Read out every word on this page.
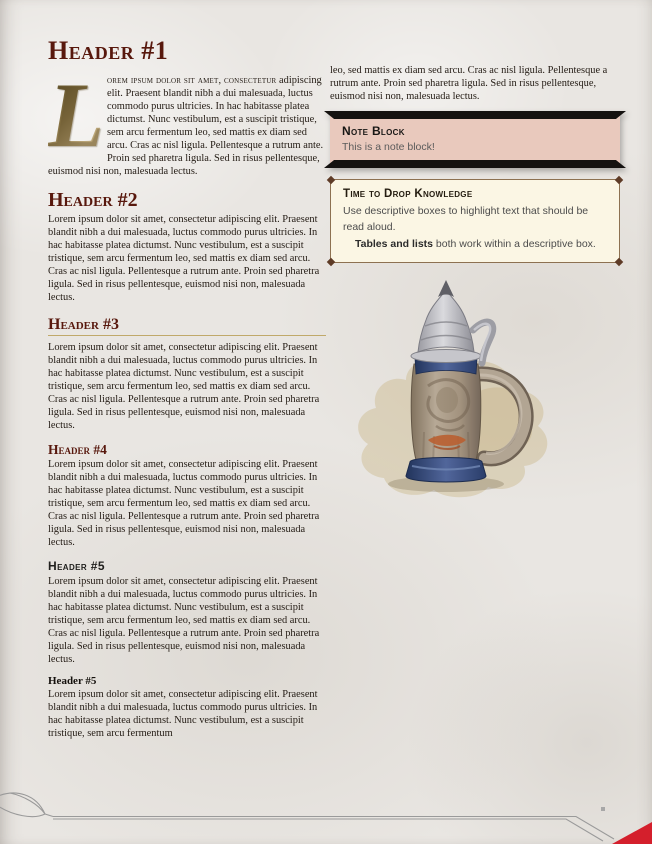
Header #1

L orem ipsum dolor sit amet, consectetur adipiscing elit. Praesent blandit nibh a dui malesuada, luctus commodo purus ultricies. In hac habitasse platea dictumst. Nunc vestibulum, est a suscipit tristique, sem arcu fermentum leo, sed mattis ex diam sed arcu. Cras ac nisl ligula. Pellentesque a rutrum ante. Proin sed pharetra ligula. Sed in risus pellentesque, euismod nisi non, malesuada lectus.

Header #2

Lorem ipsum dolor sit amet, consectetur adipiscing elit. Praesent blandit nibh a dui malesuada, luctus commodo purus ultricies. In hac habitasse platea dictumst. Nunc vestibulum, est a suscipit tristique, sem arcu fermentum leo, sed mattis ex diam sed arcu. Cras ac nisl ligula. Pellentesque a rutrum ante. Proin sed pharetra ligula. Sed in risus pellentesque, euismod nisi non, malesuada lectus.

Header #3

Lorem ipsum dolor sit amet, consectetur adipiscing elit. Praesent blandit nibh a dui malesuada, luctus commodo purus ultricies. In hac habitasse platea dictumst. Nunc vestibulum, est a suscipit tristique, sem arcu fermentum leo, sed mattis ex diam sed arcu. Cras ac nisl ligula. Pellentesque a rutrum ante. Proin sed pharetra ligula. Sed in risus pellentesque, euismod nisi non, malesuada lectus.

Header #4

Lorem ipsum dolor sit amet, consectetur adipiscing elit. Praesent blandit nibh a dui malesuada, luctus commodo purus ultricies. In hac habitasse platea dictumst. Nunc vestibulum, est a suscipit tristique, sem arcu fermentum leo, sed mattis ex diam sed arcu. Cras ac nisl ligula. Pellentesque a rutrum ante. Proin sed pharetra ligula. Sed in risus pellentesque, euismod nisi non, malesuada lectus.

Header #5

Lorem ipsum dolor sit amet, consectetur adipiscing elit. Praesent blandit nibh a dui malesuada, luctus commodo purus ultricies. In hac habitasse platea dictumst. Nunc vestibulum, est a suscipit tristique, sem arcu fermentum leo, sed mattis ex diam sed arcu. Cras ac nisl ligula. Pellentesque a rutrum ante. Proin sed pharetra ligula. Sed in risus pellentesque, euismod nisi non, malesuada lectus.

Header #5

Lorem ipsum dolor sit amet, consectetur adipiscing elit. Praesent blandit nibh a dui malesuada, luctus commodo purus ultricies. In hac habitasse platea dictumst. Nunc vestibulum, est a suscipit tristique, sem arcu fermentum

leo, sed mattis ex diam sed arcu. Cras ac nisl ligula. Pellentesque a rutrum ante. Proin sed pharetra ligula. Sed in risus pellentesque, euismod nisi non, malesuada lectus.

Note Block
This is a note block!
Time to Drop Knowledge

Use descriptive boxes to highlight text that should be read aloud.

Tables and lists both work within a descriptive box.
